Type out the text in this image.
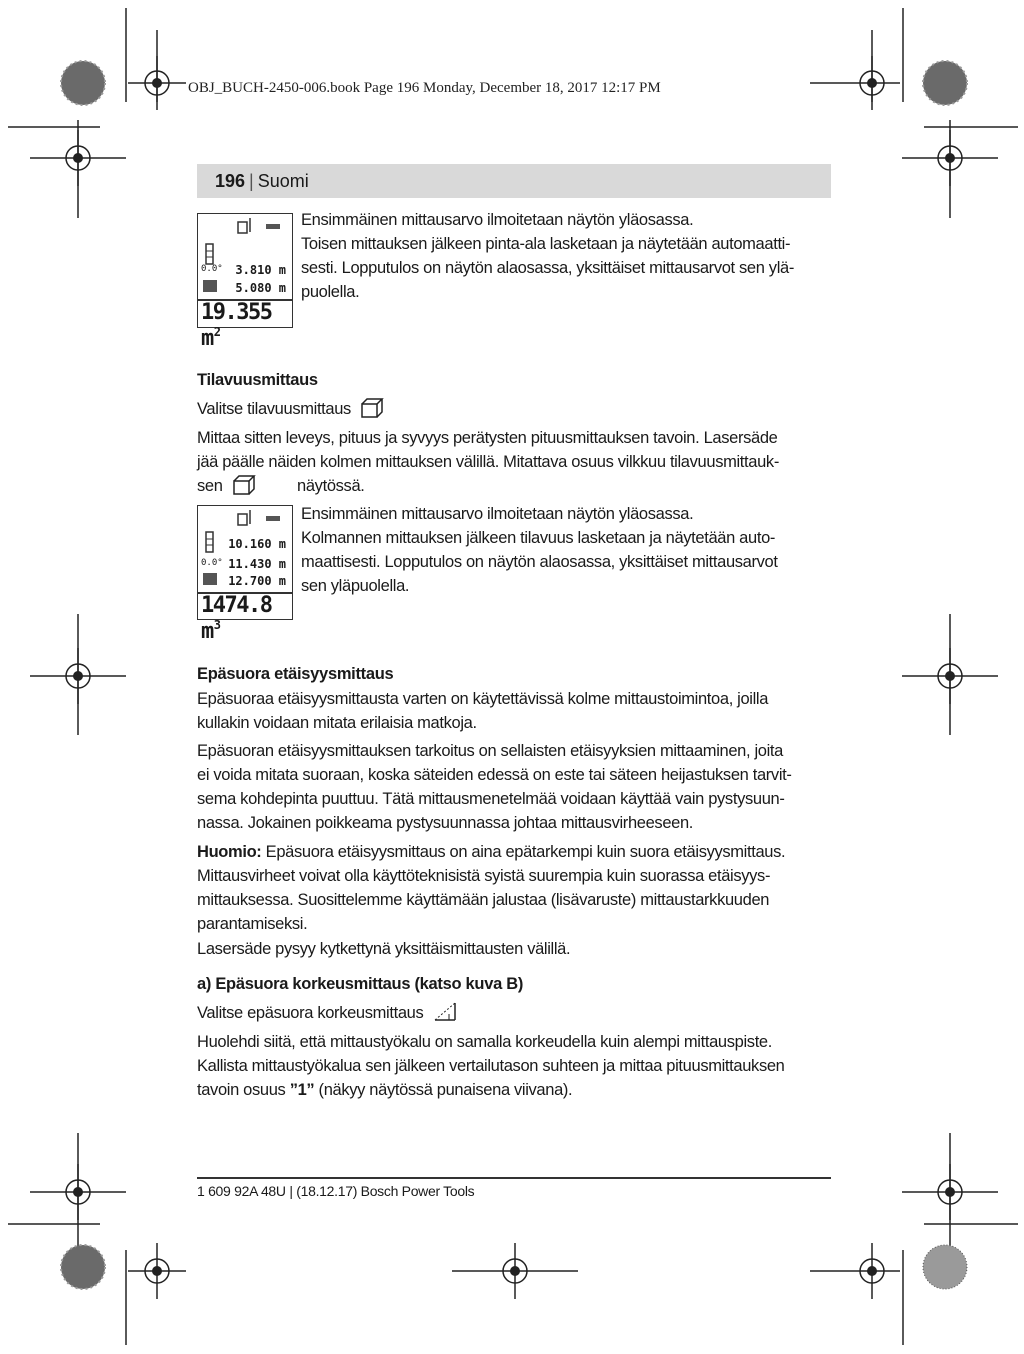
OBJ_BUCH-2450-006.book Page 196 Monday, December 18, 2017 12:17 PM
196 | Suomi
0.0° 3.810 m
5.080 m
19.355 $m^2$
Ensimmäinen mittausarvo ilmoitetaan näytön yläosassa.
Toisen mittauksen jälkeen pinta-ala lasketaan ja näytetään automaatti-
sesti. Lopputulos on näytön alaosassa, yksittäiset mittausarvot sen ylä-
puolella.
Tilavuusmittaus
Valitse tilavuusmittaus
Mittaa sitten leveys, pituus ja syvyys perätysten pituusmittauksen tavoin. Lasersäde
jää päälle näiden kolmen mittauksen välillä. Mitattava osuus vilkkuu tilavuusmittauk-
sen	näytössä.
10.160 m
0.0° 11.430 m
12.700 m
1474.8 $m^3$
Ensimmäinen mittausarvo ilmoitetaan näytön yläosassa.
Kolmannen mittauksen jälkeen tilavuus lasketaan ja näytetään auto-
maattisesti. Lopputulos on näytön alaosassa, yksittäiset mittausarvot
sen yläpuolella.
Epäsuora etäisyysmittaus
Epäsuoraa etäisyysmittausta varten on käytettävissä kolme mittaustoimintoa, joilla
kullakin voidaan mitata erilaisia matkoja.
Epäsuoran etäisyysmittauksen tarkoitus on sellaisten etäisyyksien mittaaminen, joita
ei voida mitata suoraan, koska säteiden edessä on este tai säteen heijastuksen tarvit-
sema kohdepinta puuttuu. Tätä mittausmenetelmää voidaan käyttää vain pystysuun-
nassa. Jokainen poikkeama pystysuunnassa johtaa mittausvirheeseen.
Huomio: Epäsuora etäisyysmittaus on aina epätarkempi kuin suora etäisyysmittaus.
Mittausvirheet voivat olla käyttöteknisistä syistä suurempia kuin suorassa etäisyys-
mittauksessa. Suosittelemme käyttämään jalustaa (lisävaruste) mittaustarkkuuden
parantamiseksi.
Lasersäde pysyy kytkettynä yksittäismittausten välillä.
a) Epäsuora korkeusmittaus (katso kuva B)
Valitse epäsuora korkeusmittaus
Huolehdi siitä, että mittaustyökalu on samalla korkeudella kuin alempi mittauspiste.
Kallista mittaustyökalua sen jälkeen vertailutason suhteen ja mittaa pituusmittauksen
tavoin osuus ”1” (näkyy näytössä punaisena viivana).
1 609 92A 48U | (18.12.17) Bosch Power Tools
